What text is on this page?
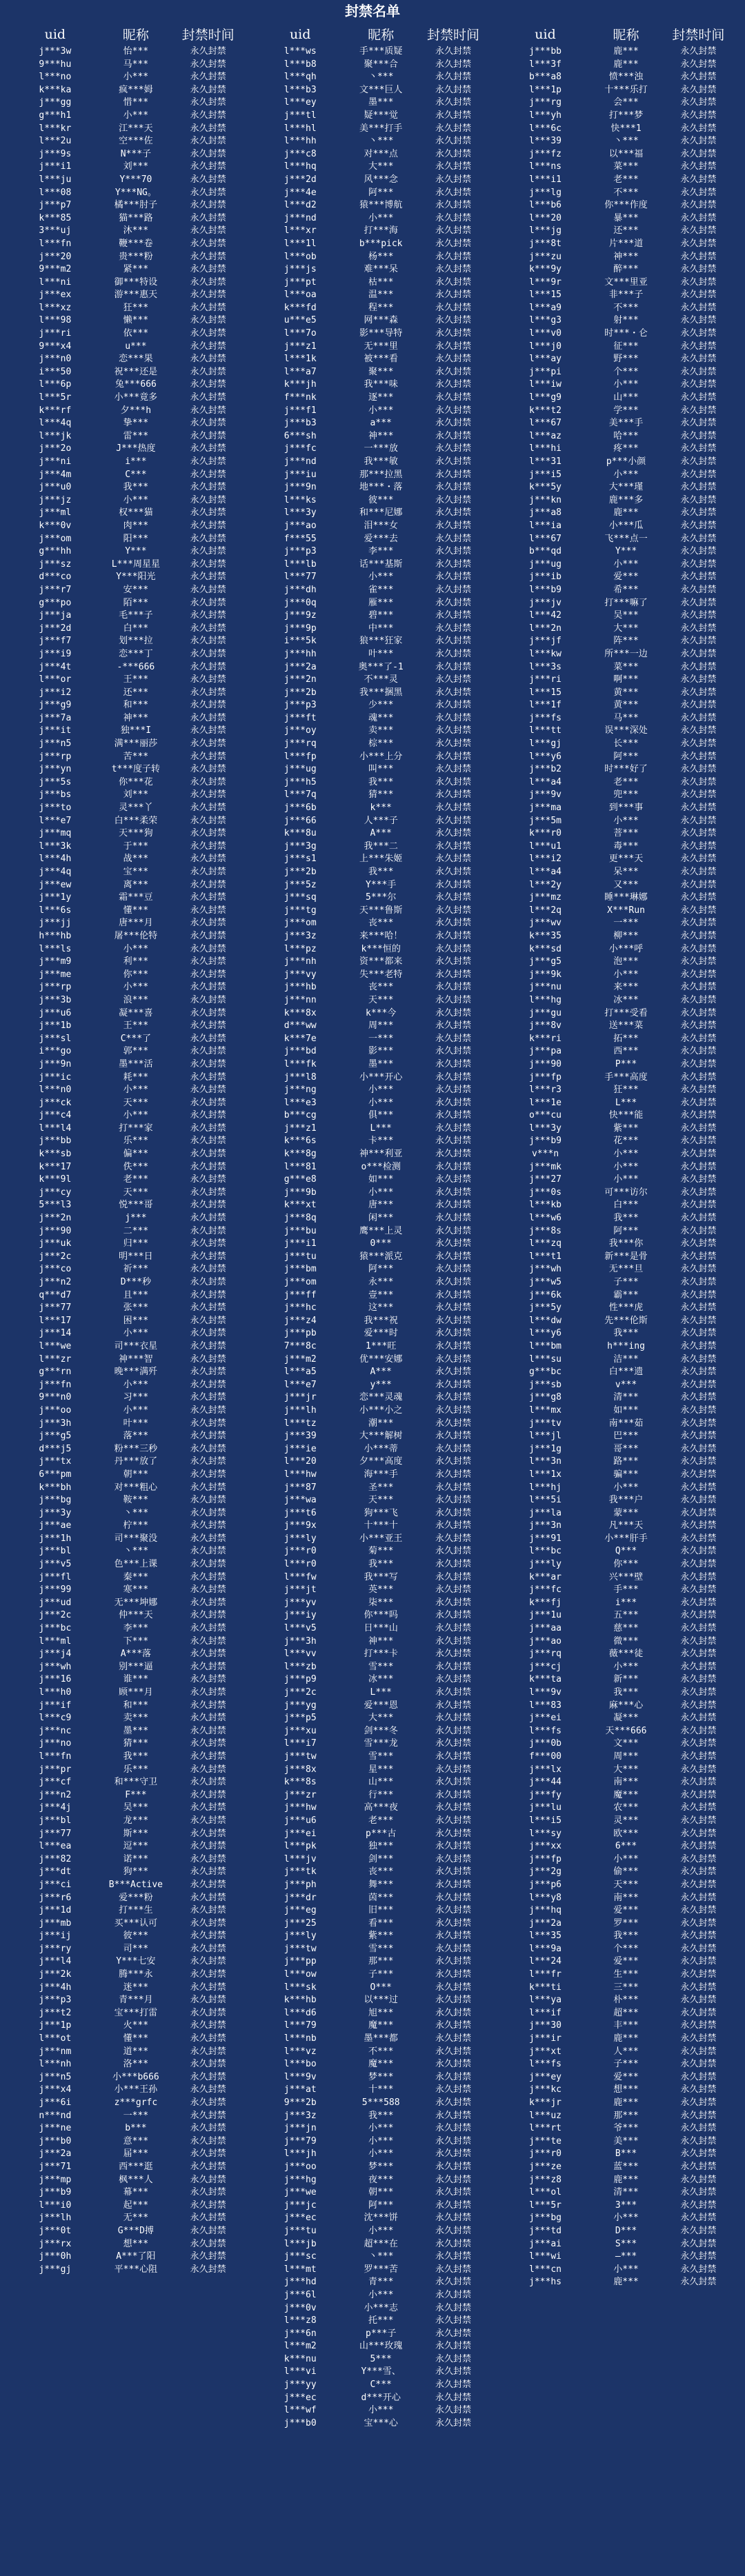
封禁名单
uid	昵称	封禁时间
j***3w	怡***	永久封禁
9***hu	马***	永久封禁
l***no	小***	永久封禁
k***ka	疯***姆	永久封禁
j***gg	惜***	永久封禁
g***h1	小***	永久封禁
l***kr	江***天	永久封禁
l***2u	空***佐	永久封禁
j***9s	N***子	永久封禁
j***i1	刘***	永久封禁
l***ju	Y***70	永久封禁
l***08	Y***NG。	永久封禁
j***p7	橘***肘子	永久封禁
k***85	猫***路	永久封禁
3***uj	沐***	永久封禁
l***fn	鞭***卷	永久封禁
j***20	贵***粉	永久封禁
9***m2	紧***	永久封禁
l***ni	御***特设	永久封禁
j***ex	游***惠天	永久封禁
l***xz	狂***	永久封禁
l***98	懒***	永久封禁
j***ri	依***	永久封禁
9***x4	u***	永久封禁
j***n0	恋***果	永久封禁
i***50	祝***还是	永久封禁
l***6p	兔***666	永久封禁
l***5r	小***竟多	永久封禁
k***rf	夕***h	永久封禁
l***4q	挚***	永久封禁
l***jk	雷***	永久封禁
j***2o	J***热度	永久封禁
j***ni	i***	永久封禁
j***4m	C***	永久封禁
j***u0	我***	永久封禁
j***jz	小***	永久封禁
j***ml	权***猫	永久封禁
k***0v	肉***	永久封禁
j***om	阳***	永久封禁
g***hh	Y***	永久封禁
j***sz	L***周星星	永久封禁
d***co	Y***阳光	永久封禁
j***r7	安***	永久封禁
g***po	陌***	永久封禁
j***ja	毛***子	永久封禁
j***2d	白***	永久封禁
j***f7	划***拉	永久封禁
j***i9	恋***丁	永久封禁
j***4t	-***666	永久封禁
l***or	王***	永久封禁
j***i2	还***	永久封禁
j***g9	和***	永久封禁
j***7a	神***	永久封禁
j***it	独***I	永久封禁
j***n5	满***丽莎	永久封禁
j***rp	苦***	永久封禁
j***yn	t***度子转	永久封禁
j***5s	你***花	永久封禁
j***bs	刘***	永久封禁
j***to	灵***丫	永久封禁
l***e7	白***柔荣	永久封禁
j***mq	天***狗	永久封禁
l***3k	于***	永久封禁
l***4h	战***	永久封禁
j***4q	宝***	永久封禁
j***ew	离***	永久封禁
j***1y	霜***豆	永久封禁
l***6s	懂***	永久封禁
j***jj	唐***月	永久封禁
h***hb	屠***伦特	永久封禁
l***ls	小***	永久封禁
j***m9	利***	永久封禁
j***me	你***	永久封禁
j***rp	小***	永久封禁
j***3b	浪***	永久封禁
j***u6	凝***喜	永久封禁
j***1b	王***	永久封禁
j***sl	C***了	永久封禁
i***go	郭***	永久封禁
j***9n	墨***活	永久封禁
j***ic	耗***	永久封禁
l***n0	小***	永久封禁
j***ck	天***	永久封禁
j***c4	小***	永久封禁
l***l4	打***家	永久封禁
j***bb	乐***	永久封禁
k***sb	偏***	永久封禁
k***17	佚***	永久封禁
k***9l	老***	永久封禁
j***cy	天***	永久封禁
5***l3	悦***哥	永久封禁
j***2n	j***	永久封禁
j***90	二***	永久封禁
j***uk	归***	永久封禁
j***2c	明***日	永久封禁
j***co	祈***	永久封禁
j***n2	D***秒	永久封禁
q***d7	且***	永久封禁
j***77	张***	永久封禁
l***17	困***	永久封禁
j***14	小***	永久封禁
l***we	司***衣星	永久封禁
l***zr	神***智	永久封禁
g***rn	晚***满歼	永久封禁
j***fn	小***	永久封禁
9***n0	习***	永久封禁
j***oo	小***	永久封禁
j***3h	叶***	永久封禁
j***g5	落***	永久封禁
d***j5	粉***三秒	永久封禁
j***tx	丹***放了	永久封禁
6***pm	朝***	永久封禁
k***bh	对***粗心	永久封禁
j***bg	鞍***	永久封禁
j***3y	丶***	永久封禁
j***ae	柠***	永久封禁
j***1h	司***聚没	永久封禁
j***bl	丶***	永久封禁
j***v5	色***上课	永久封禁
j***fl	秦***	永久封禁
j***99	寒***	永久封禁
j***ud	无***坤娜	永久封禁
j***2c	仲***天	永久封禁
j***bc	李***	永久封禁
l***ml	下***	永久封禁
j***j4	A***落	永久封禁
j***wh	别***逼	永久封禁
j***16	谁***	永久封禁
l***h0	顾***月	永久封禁
j***if	和***	永久封禁
l***c9	卖***	永久封禁
j***nc	墨***	永久封禁
j***no	猜***	永久封禁
l***fn	我***	永久封禁
j***pr	乐***	永久封禁
j***cf	和***守卫	永久封禁
j***n2	F***	永久封禁
j***4j	吴***	永久封禁
j***bl	龙***	永久封禁
j***77	斯***	永久封禁
l***ea	逗***	永久封禁
j***82	诺***	永久封禁
j***dt	狗***	永久封禁
j***ci	B***Active	永久封禁
j***r6	爱***粉	永久封禁
j***1d	打***生	永久封禁
j***mb	买***认可	永久封禁
j***ij	彼***	永久封禁
j***ry	司***	永久封禁
j***l4	Y***七安	永久封禁
j***2k	腾***永	永久封禁
j***4h	迷***	永久封禁
j***p3	青***月	永久封禁
j***t2	宝***打雷	永久封禁
j***1p	火***	永久封禁
l***ot	懂***	永久封禁
j***nm	道***	永久封禁
l***nh	洛***	永久封禁
j***n5	小***b666	永久封禁
j***x4	小***王孙	永久封禁
j***6i	z***grfc	永久封禁
n***nd	一***	永久封禁
j***ne	b***	永久封禁
j***b0	意***	永久封禁
j***2a	届***	永久封禁
j***71	西***逛	永久封禁
j***mp	枫***人	永久封禁
j***b9	幕***	永久封禁
l***i0	起***	永久封禁
j***lh	无***	永久封禁
j***0t	G***D搏	永久封禁
j***rx	想***	永久封禁
j***0h	A***了阳	永久封禁
j***gj	平***心阻	永久封禁
uid	昵称	封禁时间
l***ws	手***质疑	永久封禁
l***b8	聚***合	永久封禁
l***qh	丶***	永久封禁
l***b3	文***巨人	永久封禁
l***ey	墨***	永久封禁
j***tl	疑***觉	永久封禁
l***hl	美***打手	永久封禁
l***hh	丶***	永久封禁
j***c8	对***点	永久封禁
l***hq	大***	永久封禁
j***2d	风***念	永久封禁
j***4e	阿***	永久封禁
l***d2	猿***博航	永久封禁
j***nd	小***	永久封禁
l***xr	打***海	永久封禁
l***1l	b***pick	永久封禁
l***ob	杨***	永久封禁
j***js	难***呆	永久封禁
j***pt	枯***	永久封禁
l***oa	温***	永久封禁
k***fd	程***	永久封禁
u***e5	网***森	永久封禁
l***7o	影***导特	永久封禁
j***z1	无***里	永久封禁
l***1k	被***看	永久封禁
l***a7	聚***	永久封禁
k***jh	我***味	永久封禁
f***nk	逐***	永久封禁
j***f1	小***	永久封禁
j***b3	a***	永久封禁
6***sh	神***	永久封禁
j***fc	一***放	永久封禁
j***nd	我***敏	永久封禁
j***iu	那***拉黑	永久封禁
j***9n	地***・落	永久封禁
l***ks	彼***	永久封禁
l***3y	和***尼娜	永久封禁
j***ao	泪***女	永久封禁
f***55	爱***去	永久封禁
j***p3	李***	永久封禁
l***lb	话***基斯	永久封禁
l***77	小***	永久封禁
j***dh	雀***	永久封禁
j***0q	雁***	永久封禁
j***9z	碧***	永久封禁
j***9p	中***	永久封禁
i***5k	狼***狂家	永久封禁
j***hh	叶***	永久封禁
j***2a	奥***了-1	永久封禁
j***2n	不***灵	永久封禁
j***2b	我***捆黑	永久封禁
j***p3	少***	永久封禁
j***ft	魂***	永久封禁
j***oy	卖***	永久封禁
j***rq	棕***	永久封禁
l***fp	小***上分	永久封禁
j***ug	叫***	永久封禁
j***h5	我***	永久封禁
l***7q	猜***	永久封禁
j***6b	k***	永久封禁
j***66	人***子	永久封禁
k***8u	A***	永久封禁
j***3g	我***二	永久封禁
j***s1	上***朱姬	永久封禁
j***2b	我***	永久封禁
j***5z	Y***手	永久封禁
j***sq	5***尔	永久封禁
j***tg	天***鲁斯	永久封禁
j***om	丧***	永久封禁
j***3z	来***哈！	永久封禁
l***pz	k***恒的	永久封禁
j***nh	资***都来	永久封禁
j***vy	失***老特	永久封禁
j***hb	丧***	永久封禁
j***nn	天***	永久封禁
k***8x	k***今	永久封禁
d***ww	周***	永久封禁
k***7e	一***	永久封禁
j***bd	影***	永久封禁
l***fk	墨***	永久封禁
j***l8	小***开心	永久封禁
j***ng	小***	永久封禁
l***e3	小***	永久封禁
b***cg	俱***	永久封禁
j***z1	L***	永久封禁
k***6s	卡***	永久封禁
k***8g	神***利亚	永久封禁
l***81	o***检测	永久封禁
g***e8	如***	永久封禁
j***9b	小***	永久封禁
k***xt	唐***	永久封禁
j***8q	闲***	永久封禁
j***bu	鹰***上灵	永久封禁
j***i1	0***	永久封禁
j***tu	猿***派克	永久封禁
j***bm	阿***	永久封禁
j***om	永***	永久封禁
j***ff	壹***	永久封禁
j***hc	这***	永久封禁
j***z4	我***祝	永久封禁
j***pb	爱***时	永久封禁
7***8c	1***旺	永久封禁
j***m2	优***安娜	永久封禁
l***a5	A***	永久封禁
l***e7	y***	永久封禁
j***jr	恋***灵魂	永久封禁
j***lh	小***小之	永久封禁
l***tz	潮***	永久封禁
j***39	大***解树	永久封禁
j***ie	小***蒂	永久封禁
l***20	夕***高度	永久封禁
l***hw	海***手	永久封禁
j***87	圣***	永久封禁
j***wa	天***	永久封禁
j***t6	狗***飞	永久封禁
j***9x	十***十	永久封禁
j***ly	小***亚王	永久封禁
j***r0	菊***	永久封禁
l***r0	我***	永久封禁
l***fw	我***写	永久封禁
j***jt	英***	永久封禁
j***yv	柒***	永久封禁
j***iy	你***吗	永久封禁
l***v5	日***山	永久封禁
j***3h	神***	永久封禁
l***vv	打***卡	永久封禁
l***zb	雪***	永久封禁
j***p9	冰***	永久封禁
j***2c	L***	永久封禁
j***yg	爱***恩	永久封禁
j***p5	大***	永久封禁
j***xu	剑***冬	永久封禁
l***i7	雪***龙	永久封禁
j***tw	雪***	永久封禁
j***8x	星***	永久封禁
k***8s	山***	永久封禁
j***zr	行***	永久封禁
j***hw	高***夜	永久封禁
j***u6	老***	永久封禁
j***ei	p***古	永久封禁
l***pk	独***	永久封禁
l***jv	剑***	永久封禁
j***tk	丧***	永久封禁
j***ph	舞***	永久封禁
j***dr	茵***	永久封禁
j***eg	旧***	永久封禁
j***25	看***	永久封禁
j***ly	紫***	永久封禁
j***tw	雪***	永久封禁
j***pp	那***	永久封禁
l***ow	子***	永久封禁
l***sk	O***	永久封禁
k***hb	以***过	永久封禁
l***d6	旭***	永久封禁
l***79	魔***	永久封禁
l***nb	墨***都	永久封禁
l***vz	不***	永久封禁
l***bo	魔***	永久封禁
l***9v	梦***	永久封禁
j***at	十***	永久封禁
9***2b	5***588	永久封禁
j***3z	我***	永久封禁
j***jn	小***	永久封禁
j***79	小***	永久封禁
l***jh	小***	永久封禁
j***oo	梦***	永久封禁
j***hg	夜***	永久封禁
j***we	朝***	永久封禁
j***jc	阿***	永久封禁
j***ec	沈***饼	永久封禁
j***tu	小***	永久封禁
l***jb	超***在	永久封禁
j***sc	丶***	永久封禁
l***mt	罗***苦	永久封禁
j***hd	青***	永久封禁
j***6l	小***	永久封禁
j***0v	小***志	永久封禁
l***z8	托***	永久封禁
j***6n	p***子	永久封禁
l***m2	山***玫瑰	永久封禁
k***nu	5***	永久封禁
l***vi	Y***雪、	永久封禁
j***yy	C***	永久封禁
j***ec	d***开心	永久封禁
l***wf	小***	永久封禁
j***b0	宝***心	永久封禁
uid	昵称	封禁时间
j***bb	鹿***	永久封禁
l***3f	鹿***	永久封禁
b***a8	愤***浊	永久封禁
l***1p	十***乐打	永久封禁
j***rg	会***	永久封禁
l***yh	打***梦	永久封禁
l***6c	快***1	永久封禁
l***39	丶***	永久封禁
j***fz	以***福	永久封禁
l***ns	菜***	永久封禁
l***i1	老***	永久封禁
j***lg	不***	永久封禁
l***b6	你***作度	永久封禁
l***20	暴***	永久封禁
l***jg	还***	永久封禁
j***8t	片***道	永久封禁
j***zu	神***	永久封禁
k***9y	醉***	永久封禁
l***9r	文***里亚	永久封禁
l***15	非***子	永久封禁
l***a9	不***	永久封禁
l***g3	射***	永久封禁
l***v0	时***・仑	永久封禁
l***j0	征***	永久封禁
l***ay	野***	永久封禁
j***pi	个***	永久封禁
l***iw	小***	永久封禁
l***g9	山***	永久封禁
k***t2	学***	永久封禁
l***67	美***手	永久封禁
l***az	哈***	永久封禁
l***hi	疼***	永久封禁
l***31	p***小颜	永久封禁
j***i5	小***	永久封禁
k***5y	大***瑾	永久封禁
j***kn	鹿***多	永久封禁
j***a8	鹿***	永久封禁
l***ia	小***瓜	永久封禁
l***67	飞***点一	永久封禁
b***qd	Y***	永久封禁
j***ug	小***	永久封禁
j***ib	爱***	永久封禁
l***b9	希***	永久封禁
j***jv	打***嘛了	永久封禁
l***42	吴***	永久封禁
l***2n	大***	永久封禁
j***jf	阵***	永久封禁
l***kw	所***一边	永久封禁
l***3s	菜***	永久封禁
j***ri	啊***	永久封禁
l***15	黄***	永久封禁
l***1f	黄***	永久封禁
j***fs	马***	永久封禁
l***tt	误***深处	永久封禁
l***gj	长***	永久封禁
l***y6	阿***	永久封禁
j***b2	时***好了	永久封禁
l***a4	老***	永久封禁
j***9v	兜***	永久封禁
j***ma	到***事	永久封禁
j***5m	小***	永久封禁
k***r0	菩***	永久封禁
l***u1	毒***	永久封禁
l***i2	更***天	永久封禁
l***a4	呆***	永久封禁
l***2y	又***	永久封禁
j***mz	睡***琳娜	永久封禁
l***2q	X***Run	永久封禁
j***wv	一***	永久封禁
k***35	柳***	永久封禁
k***sd	小***呼	永久封禁
j***g5	泡***	永久封禁
j***9k	小***	永久封禁
j***nu	来***	永久封禁
l***hg	冰***	永久封禁
j***gu	打***受看	永久封禁
j***8v	送***菜	永久封禁
k***ri	拓***	永久封禁
j***pa	西***	永久封禁
j***90	P***	永久封禁
j***fp	手***高度	永久封禁
l***r3	狂***	永久封禁
l***1e	L***	永久封禁
o***cu	快***能	永久封禁
l***3y	紫***	永久封禁
j***b9	花***	永久封禁
v***n	小***	永久封禁
j***mk	小***	永久封禁
j***27	小***	永久封禁
j***0s	可***访尔	永久封禁
l***kb	白***	永久封禁
l***w6	我***	永久封禁
j***8s	阿***	永久封禁
l***zq	我***你	永久封禁
l***t1	新***是骨	永久封禁
j***wh	无***旦	永久封禁
j***w5	子***	永久封禁
j***6k	霸***	永久封禁
j***5y	性***虎	永久封禁
l***dw	先***伦斯	永久封禁
l***y6	我***	永久封禁
l***bm	h***ing	永久封禁
l***su	洁***	永久封禁
g***bc	白***遗	永久封禁
j***sb	v***	永久封禁
j***g8	清***	永久封禁
l***mx	如***	永久封禁
j***tv	南***茹	永久封禁
l***jl	巴***	永久封禁
j***1g	哥***	永久封禁
l***3n	路***	永久封禁
l***1x	骗***	永久封禁
l***hj	小***	永久封禁
l***5i	我***户	永久封禁
j***la	蒙***	永久封禁
j***3n	凡***天	永久封禁
j***91	小***肝手	永久封禁
l***bc	Q***	永久封禁
j***ly	你***	永久封禁
k***ar	兴***壁	永久封禁
j***fc	手***	永久封禁
k***fj	i***	永久封禁
j***1u	五***	永久封禁
j***aa	慈***	永久封禁
j***ao	微***	永久封禁
j***rq	薇***徒	永久封禁
j***cj	小***	永久封禁
k***ta	新***	永久封禁
l***9v	我***	永久封禁
l***83	麻***心	永久封禁
j***ei	凝***	永久封禁
l***fs	天***666	永久封禁
j***0b	文***	永久封禁
f***00	周***	永久封禁
j***lx	大***	永久封禁
j***44	南***	永久封禁
j***fy	魔***	永久封禁
j***lu	农***	永久封禁
l***i5	灵***	永久封禁
l***sy	欧***	永久封禁
j***xx	6***	永久封禁
j***fp	小***	永久封禁
j***2g	偷***	永久封禁
j***p6	天***	永久封禁
l***y8	南***	永久封禁
j***hq	爱***	永久封禁
j***2a	罗***	永久封禁
l***35	我***	永久封禁
l***9a	个***	永久封禁
l***24	爱***	永久封禁
l***fr	生***	永久封禁
k***ti	三***	永久封禁
l***ya	朴***	永久封禁
l***if	超***	永久封禁
j***30	丰***	永久封禁
j***ir	鹿***	永久封禁
j***xt	人***	永久封禁
l***fs	子***	永久封禁
j***ey	爱***	永久封禁
j***kc	想***	永久封禁
k***jr	鹿***	永久封禁
l***uz	那***	永久封禁
l***rt	爷***	永久封禁
j***te	美***	永久封禁
j***r0	B***	永久封禁
j***ze	蓝***	永久封禁
j***z8	鹿***	永久封禁
l***ol	清***	永久封禁
l***5r	3***	永久封禁
j***bg	小***	永久封禁
j***td	D***	永久封禁
j***ai	S***	永久封禁
l***wi	—***	永久封禁
l***cn	小***	永久封禁
j***hs	鹿***	永久封禁
